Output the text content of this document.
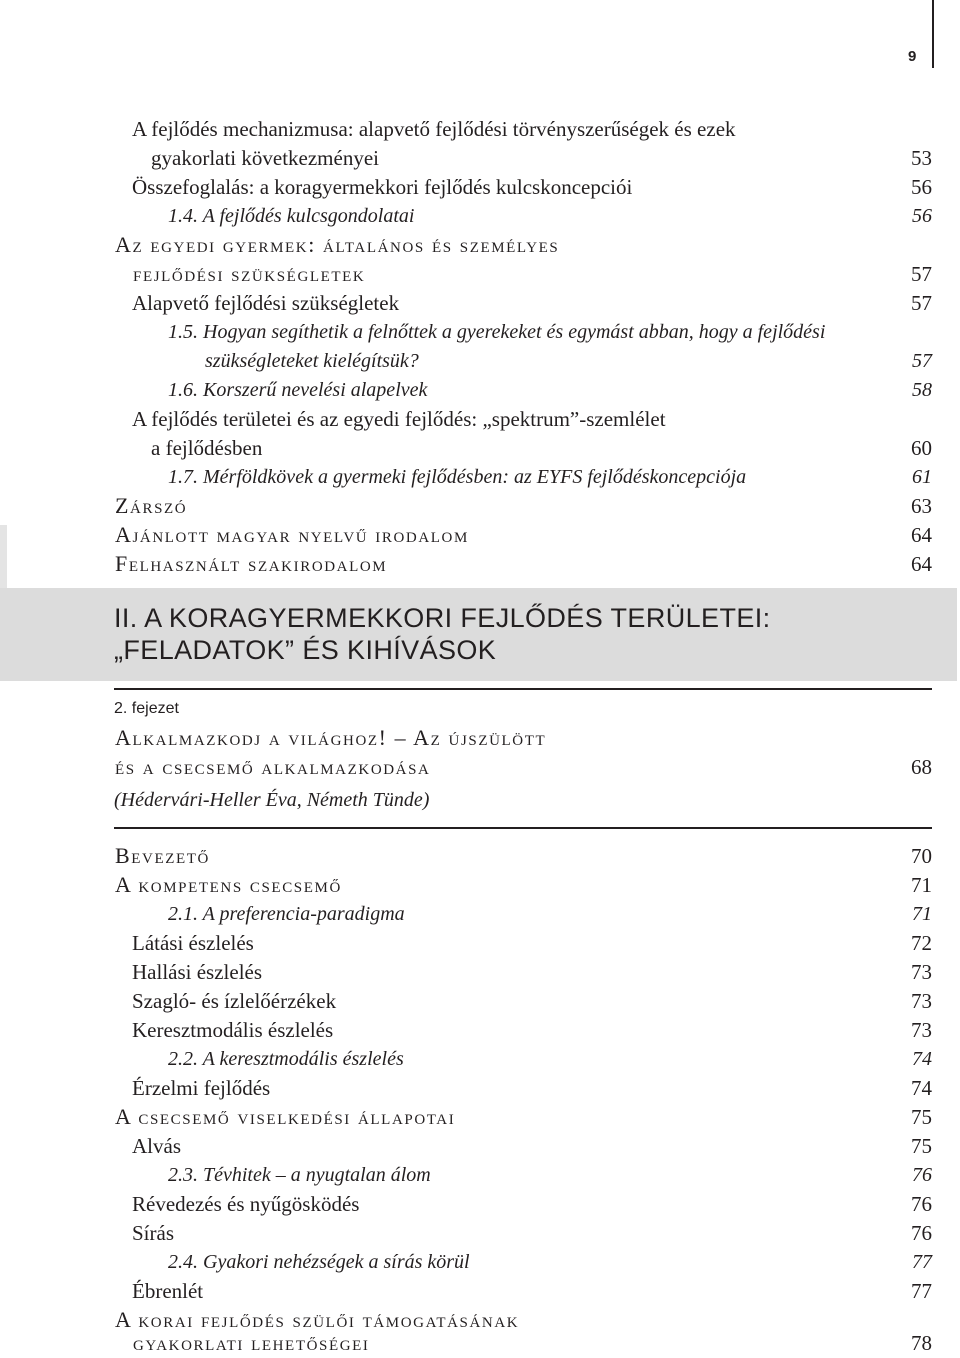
9
A fejlődés mechanizmusa: alapvető fejlődési törvényszerűségek és ezek
gyakorlati következményei	53
Összefoglalás: a koragyermekkori fejlődés kulcskoncepciói	56
1.4. A fejlődés kulcsgondolatai	56
Az egyedi gyermek: általános és személyes
fejlődési szükségletek	57
Alapvető fejlődési szükségletek	57
1.5. Hogyan segíthetik a felnőttek a gyerekeket és egymást abban, hogy a fejlődési
szükségleteket kielégítsük?	57
1.6. Korszerű nevelési alapelvek	58
A fejlődés területei és az egyedi fejlődés: „spektrum”-szemlélet
a fejlődésben	60
1.7. Mérföldkövek a gyermeki fejlődésben: az EYFS fejlődéskoncepciója	61
Zárszó	63
Ajánlott magyar nyelvű irodalom	64
Felhasznált szakirodalom	64
II. A KORAGYERMEKKORI FEJLŐDÉS TERÜLETEI:
„FELADATOK” ÉS KIHÍVÁSOK
2. fejezet
Alkalmazkodj a világhoz! – Az újszülött
és a csecsemő alkalmazkodása	68
(Hédervári-Heller Éva, Németh Tünde)
Bevezető	70
A kompetens csecsemő	71
2.1. A preferencia-paradigma	71
Látási észlelés	72
Hallási észlelés	73
Szagló- és ízlelőérzékek	73
Keresztmodális észlelés	73
2.2. A keresztmodális észlelés	74
Érzelmi fejlődés	74
A csecsemő viselkedési állapotai	75
Alvás	75
2.3. Tévhitek – a nyugtalan álom	76
Révedezés és nyűgösködés	76
Sírás	76
2.4. Gyakori nehézségek a sírás körül	77
Ébrenlét	77
A korai fejlődés szülői támogatásának
gyakorlati lehetőségei	78
